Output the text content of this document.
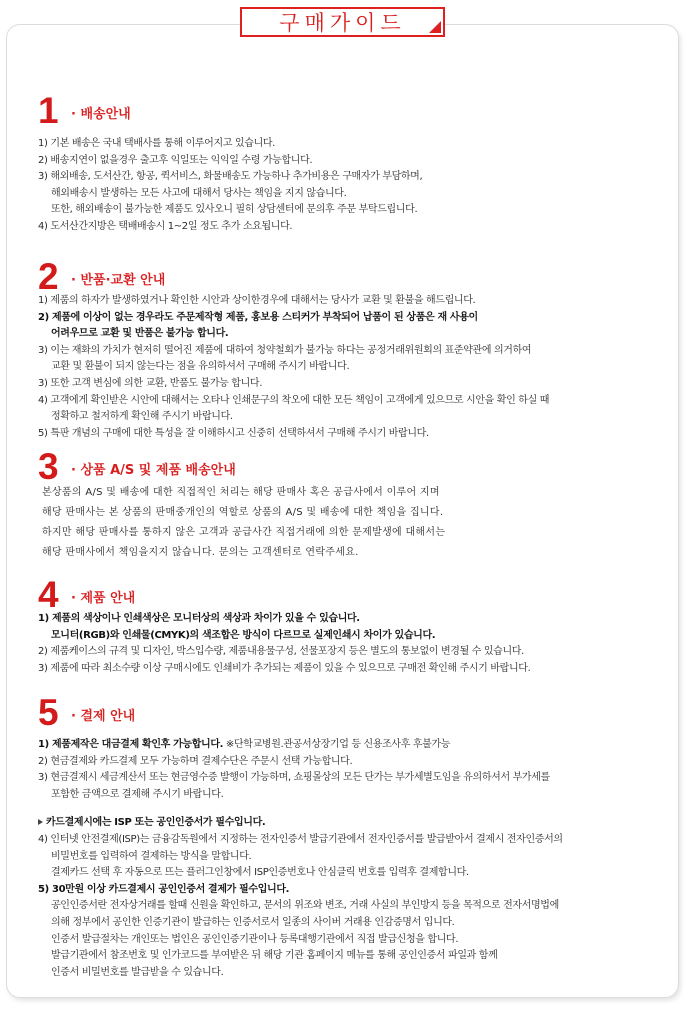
구매가이드
1 · 배송안내
1) 기본 배송은 국내 택배사를 통해 이루어지고 있습니다.
2) 배송지연이 없을경우 출고후 익일또는 익익일 수령 가능합니다.
3) 해외배송, 도서산간, 항공, 퀵서비스, 화물배송도 가능하나 추가비용은 구매자가 부담하며,
해외배송시 발생하는 모든 사고에 대해서 당사는 책임을 지지 않습니다.
또한, 해외배송이 불가능한 제품도 있사오니 필히 상담센터에 문의후 주문 부탁드립니다.
4) 도서산간지방은 택배배송시 1~2일 정도 추가 소요됩니다.
2 · 반품·교환 안내
1) 제품의 하자가 발생하였거나 확인한 시안과 상이한경우에 대해서는 당사가 교환 및 환불을 해드립니다.
2) 제품에 이상이 없는 경우라도 주문제작형 제품, 홍보용 스티커가 부착되어 납품이 된 상품은 재 사용이
어려우므로 교환 및 반품은 불가능 합니다.
3) 이는 재화의 가치가 현저히 떨어진 제품에 대하여 청약철회가 불가능 하다는 공정거래위원회의 표준약관에 의거하여
교환 및 환불이 되지 않는다는 점을 유의하셔서 구매해 주시기 바랍니다.
3) 또한 고객 변심에 의한 교환, 반품도 불가능 합니다.
4) 고객에게 확인받은 시안에 대해서는 오타나 인쇄문구의 착오에 대한 모든 책임이 고객에게 있으므로 시안을 확인 하실 때
정확하고 철저하게 확인해 주시기 바랍니다.
5) 특판 개념의 구매에 대한 특성을 잘 이해하시고 신중히 선택하셔서 구매해 주시기 바랍니다.
3 · 상품 A/S 및 제품 배송안내
본상품의 A/S 및 배송에 대한 직접적인 처리는 해당 판매사 혹은 공급사에서 이루어 지며
해당 판매사는 본 상품의 판매중개인의 역할로 상품의 A/S 및 배송에 대한 책임을 집니다.
하지만 해당 판매사를 통하지 않은 고객과 공급사간 직접거래에 의한 문제발생에 대해서는
해당 판매사에서 책임을지지 않습니다. 문의는 고객센터로 연락주세요.
4 · 제품 안내
1) 제품의 색상이나 인쇄색상은 모니터상의 색상과 차이가 있을 수 있습니다.
모니터(RGB)와 인쇄물(CMYK)의 색조합은 방식이 다르므로 실제인쇄시 차이가 있습니다.
2) 제품케이스의 규격 및 디자인, 박스입수량, 제품내용물구성, 선물포장지 등은 별도의 통보없이 변경될 수 있습니다.
3) 제품에 따라 최소수량 이상 구매시에도 인쇄비가 추가되는 제품이 있을 수 있으므로 구매전 확인해 주시기 바랍니다.
5 · 결제 안내
1) 제품제작은 대금결제 확인후 가능합니다. ※단학교병원.관공서상장기업 등 신용조사후 후불가능
2) 현금결제와 카드결제 모두 가능하며 결제수단은 주문시 선택 가능합니다.
3) 현금결제시 세금계산서 또는 현금영수증 발행이 가능하며, 쇼핑몰상의 모든 단가는 부가세별도임을 유의하셔서 부가세를
포함한 금액으로 결제해 주시기 바랍니다.
카드결제시에는 ISP 또는 공인인증서가 필수입니다.
4) 인터넷 안전결제(ISP)는 금융감독원에서 지정하는 전자인증서 발급기관에서 전자인증서를 발급받아서 결제시 전자인증서의
비밀번호를 입력하여 결제하는 방식을 말합니다.
결제카드 선택 후 자동으로 뜨는 플러그인창에서 ISP인증번호나 안심클릭 번호를 입력후 결제합니다.
5) 30만원 이상 카드결제시 공인인증서 결제가 필수입니다.
공인인증서란 전자상거래를 할때 신원을 확인하고, 문서의 위조와 변조, 거래 사실의 부인방지 등을 목적으로 전자서명법에
의해 정부에서 공인한 인증기관이 발급하는 인증서로서 일종의 사이버 거래용 인감증명서 입니다.
인증서 발급절차는 개인또는 법인은 공인인증기관이나 등록대행기관에서 직접 발급신청을 합니다.
발급기관에서 참조번호 및 인가코드를 부여받은 뒤 해당 기관 홈페이지 메뉴를 통해 공인인증서 파일과 함께
인증서 비밀번호를 발급받을 수 있습니다.
